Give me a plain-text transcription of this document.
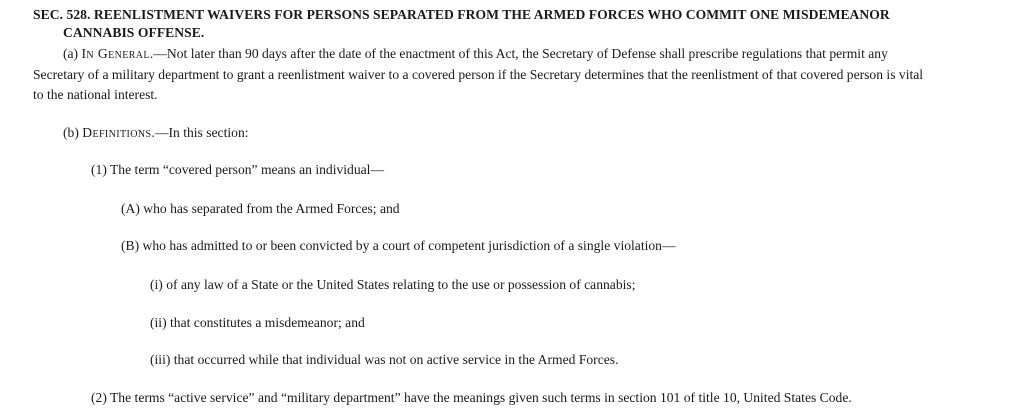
SEC. 528. REENLISTMENT WAIVERS FOR PERSONS SEPARATED FROM THE ARMED FORCES WHO COMMIT ONE MISDEMEANOR
CANNABIS OFFENSE.
(a) In General.—Not later than 90 days after the date of the enactment of this Act, the Secretary of Defense shall prescribe regulations that permit any
Secretary of a military department to grant a reenlistment waiver to a covered person if the Secretary determines that the reenlistment of that covered person is vital
to the national interest.
(b) Definitions.—In this section:
(1) The term “covered person” means an individual—
(A) who has separated from the Armed Forces; and
(B) who has admitted to or been convicted by a court of competent jurisdiction of a single violation—
(i) of any law of a State or the United States relating to the use or possession of cannabis;
(ii) that constitutes a misdemeanor; and
(iii) that occurred while that individual was not on active service in the Armed Forces.
(2) The terms “active service” and “military department” have the meanings given such terms in section 101 of title 10, United States Code.
